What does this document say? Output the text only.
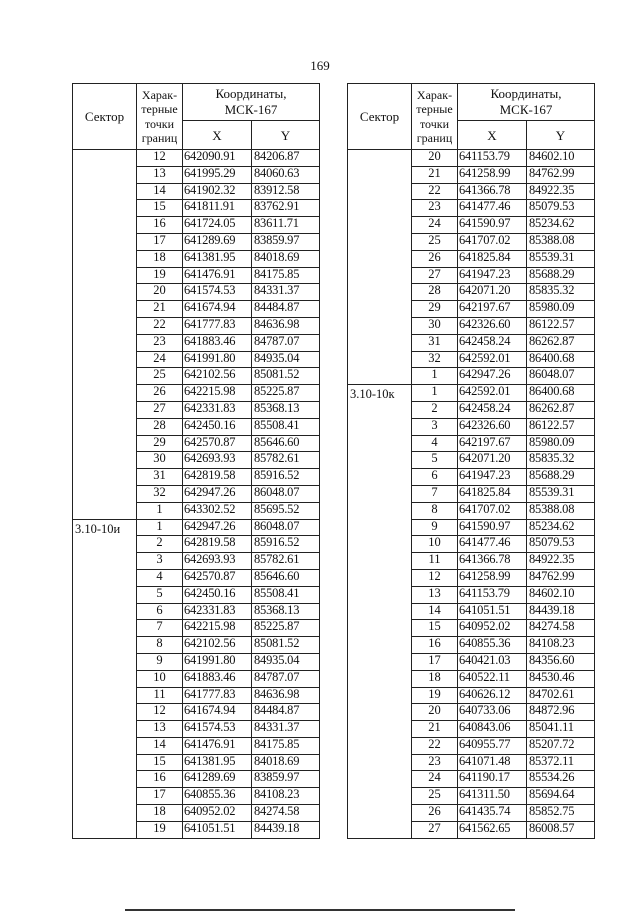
169
Сектор	Харак-
терные
точки
границ	Координаты,
МСК-167	
		X	Y
	12	642090.91	84206.87
	13	641995.29	84060.63
	14	641902.32	83912.58
	15	641811.91	83762.91
	16	641724.05	83611.71
	17	641289.69	83859.97
	18	641381.95	84018.69
	19	641476.91	84175.85
	20	641574.53	84331.37
	21	641674.94	84484.87
	22	641777.83	84636.98
	23	641883.46	84787.07
	24	641991.80	84935.04
	25	642102.56	85081.52
	26	642215.98	85225.87
	27	642331.83	85368.13
	28	642450.16	85508.41
	29	642570.87	85646.60
	30	642693.93	85782.61
	31	642819.58	85916.52
	32	642947.26	86048.07
	1	643302.52	85695.52
3.10-10и	1	642947.26	86048.07
	2	642819.58	85916.52
	3	642693.93	85782.61
	4	642570.87	85646.60
	5	642450.16	85508.41
	6	642331.83	85368.13
	7	642215.98	85225.87
	8	642102.56	85081.52
	9	641991.80	84935.04
	10	641883.46	84787.07
	11	641777.83	84636.98
	12	641674.94	84484.87
	13	641574.53	84331.37
	14	641476.91	84175.85
	15	641381.95	84018.69
	16	641289.69	83859.97
	17	640855.36	84108.23
	18	640952.02	84274.58
	19	641051.51	84439.18
Сектор	Харак-
терные
точки
границ	Координаты,
МСК-167	
		X	Y
	20	641153.79	84602.10
	21	641258.99	84762.99
	22	641366.78	84922.35
	23	641477.46	85079.53
	24	641590.97	85234.62
	25	641707.02	85388.08
	26	641825.84	85539.31
	27	641947.23	85688.29
	28	642071.20	85835.32
	29	642197.67	85980.09
	30	642326.60	86122.57
	31	642458.24	86262.87
	32	642592.01	86400.68
	1	642947.26	86048.07
3.10-10к	1	642592.01	86400.68
	2	642458.24	86262.87
	3	642326.60	86122.57
	4	642197.67	85980.09
	5	642071.20	85835.32
	6	641947.23	85688.29
	7	641825.84	85539.31
	8	641707.02	85388.08
	9	641590.97	85234.62
	10	641477.46	85079.53
	11	641366.78	84922.35
	12	641258.99	84762.99
	13	641153.79	84602.10
	14	641051.51	84439.18
	15	640952.02	84274.58
	16	640855.36	84108.23
	17	640421.03	84356.60
	18	640522.11	84530.46
	19	640626.12	84702.61
	20	640733.06	84872.96
	21	640843.06	85041.11
	22	640955.77	85207.72
	23	641071.48	85372.11
	24	641190.17	85534.26
	25	641311.50	85694.64
	26	641435.74	85852.75
	27	641562.65	86008.57
